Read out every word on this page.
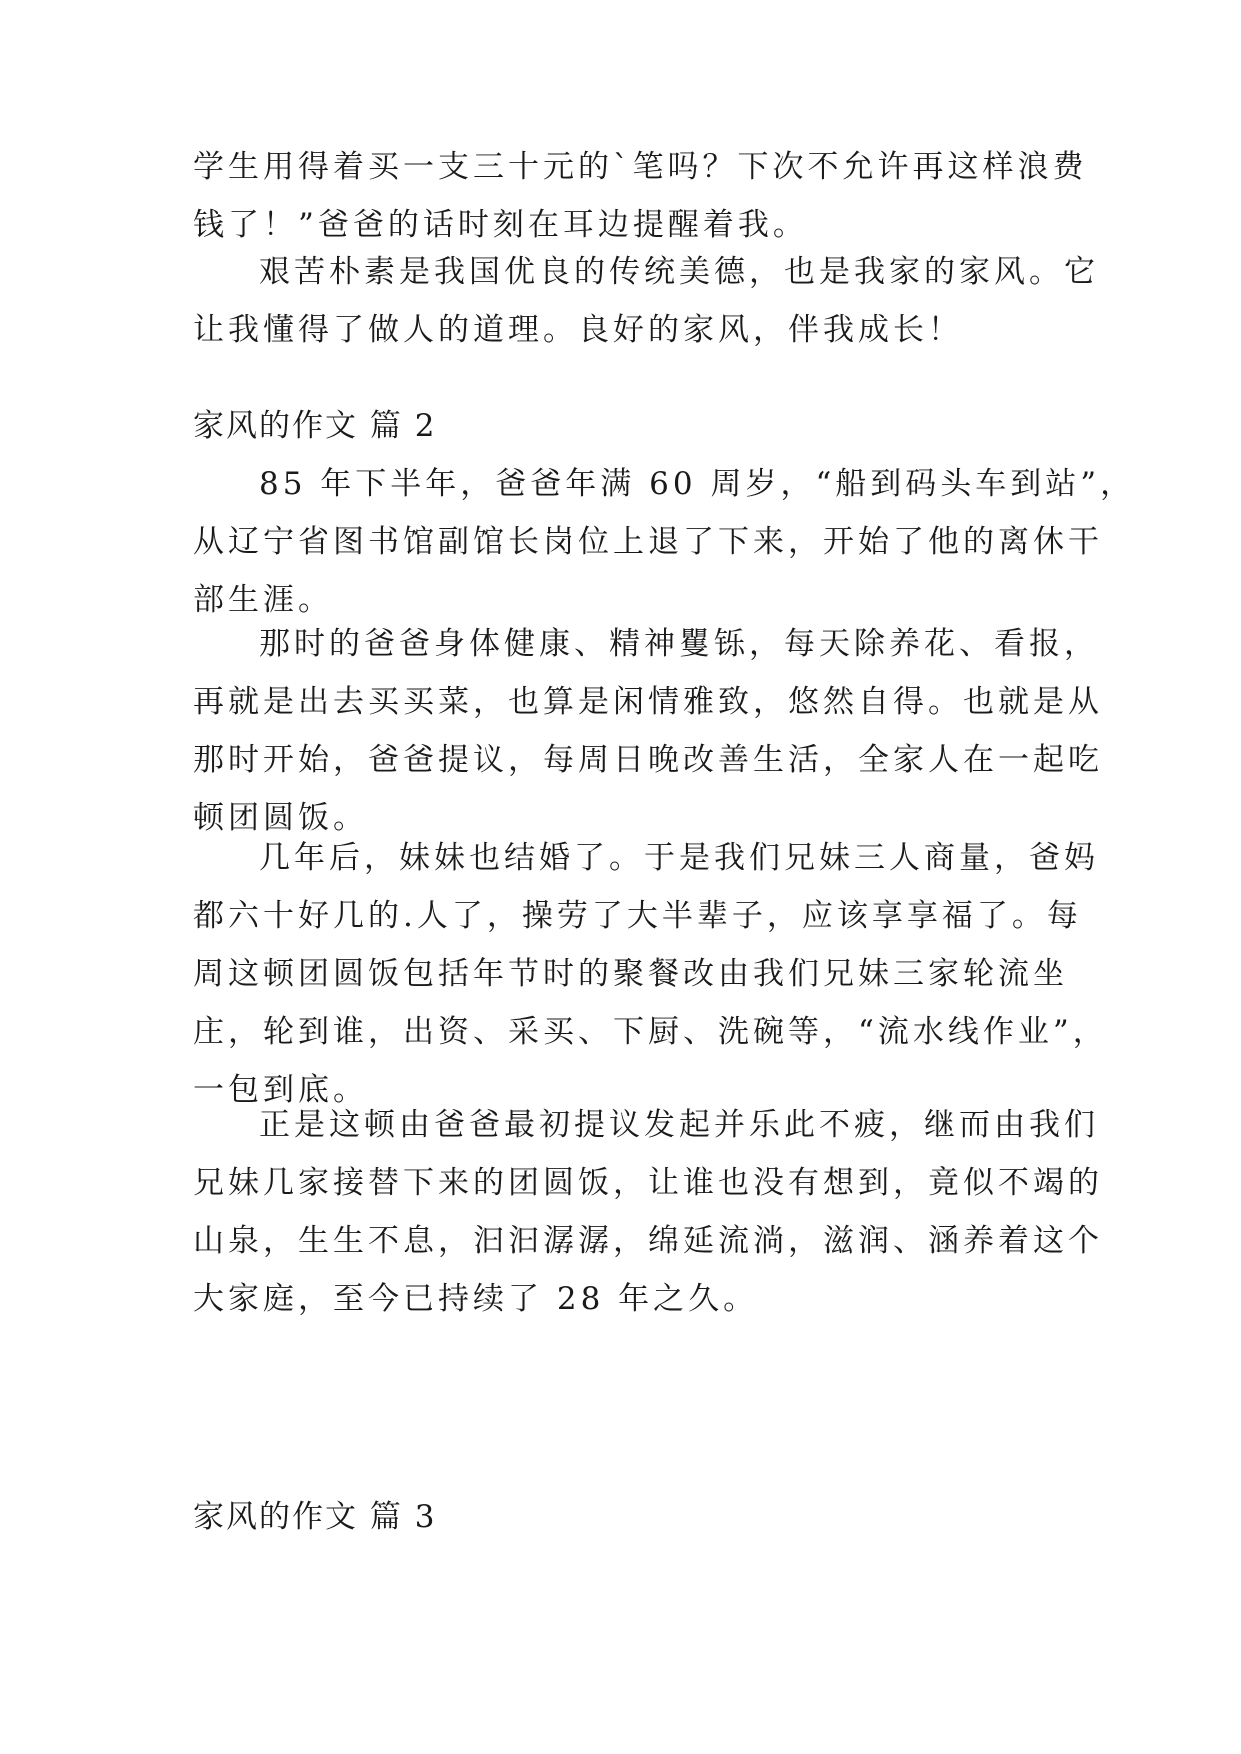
学生用得着买一支三十元的`笔吗？下次不允许再这样浪费
钱了！”爸爸的话时刻在耳边提醒着我。
艰苦朴素是我国优良的传统美德，也是我家的家风。它
让我懂得了做人的道理。良好的家风，伴我成长！
家风的作文 篇 2
85 年下半年，爸爸年满 60 周岁，“船到码头车到站”，
从辽宁省图书馆副馆长岗位上退了下来，开始了他的离休干
部生涯。
那时的爸爸身体健康、精神矍铄，每天除养花、看报，
再就是出去买买菜，也算是闲情雅致，悠然自得。也就是从
那时开始，爸爸提议，每周日晚改善生活，全家人在一起吃
顿团圆饭。
几年后，妹妹也结婚了。于是我们兄妹三人商量，爸妈
都六十好几的.人了，操劳了大半辈子，应该享享福了。每
周这顿团圆饭包括年节时的聚餐改由我们兄妹三家轮流坐
庄，轮到谁，出资、采买、下厨、洗碗等，“流水线作业”，
一包到底。
正是这顿由爸爸最初提议发起并乐此不疲，继而由我们
兄妹几家接替下来的团圆饭，让谁也没有想到，竟似不竭的
山泉，生生不息，汩汩潺潺，绵延流淌，滋润、涵养着这个
大家庭，至今已持续了 28 年之久。
家风的作文 篇 3
